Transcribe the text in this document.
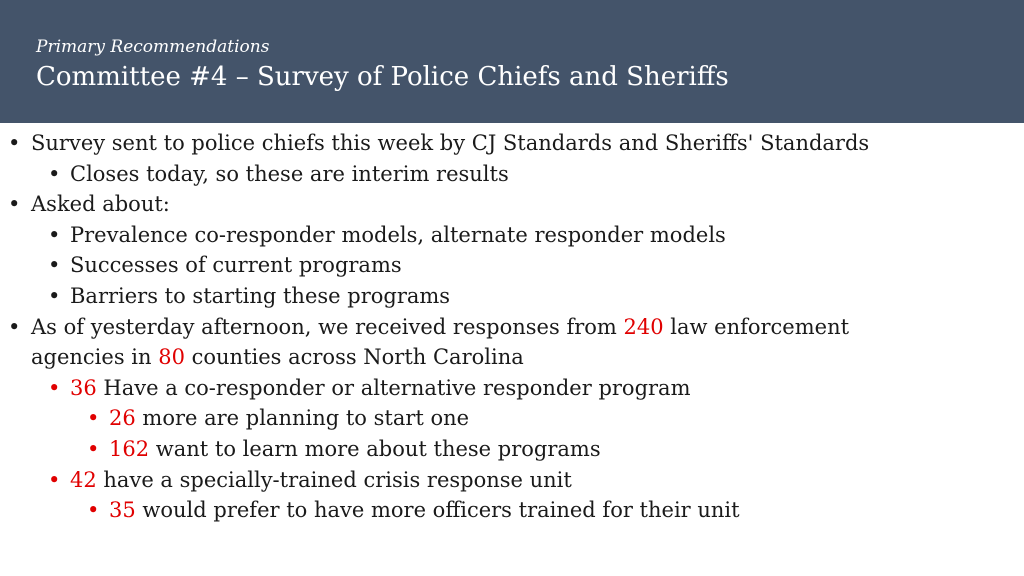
Primary Recommendations
Committee #4 – Survey of Police Chiefs and Sheriffs
• Survey sent to police chiefs this week by CJ Standards and Sheriffs' Standards
• Closes today, so these are interim results
• Asked about:
• Prevalence co-responder models, alternate responder models
• Successes of current programs
• Barriers to starting these programs
• As of yesterday afternoon, we received responses from 240 law enforcement
agencies in 80 counties across North Carolina
• 36 Have a co-responder or alternative responder program
• 26 more are planning to start one
• 162 want to learn more about these programs
• 42 have a specially-trained crisis response unit
• 35 would prefer to have more officers trained for their unit
